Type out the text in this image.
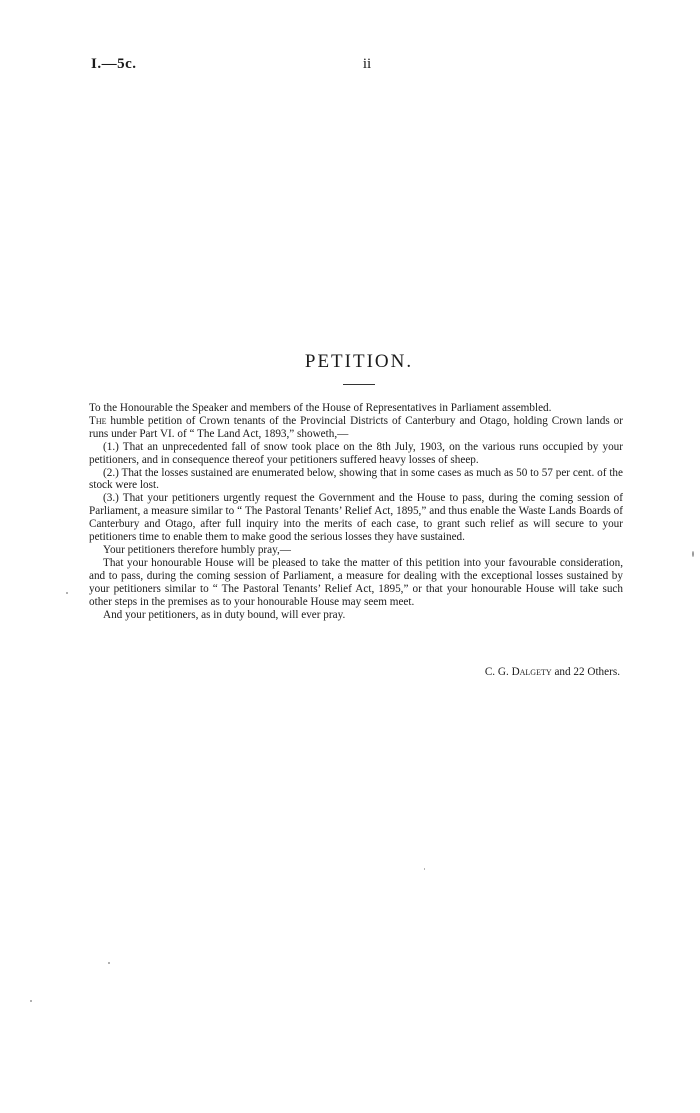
I.—5c.	ii
PETITION.

To the Honourable the Speaker and members of the House of Representatives in Parliament assembled.

The humble petition of Crown tenants of the Provincial Districts of Canterbury and Otago, holding Crown lands or runs under Part VI. of “ The Land Act, 1893,” showeth,—

(1.) That an unprecedented fall of snow took place on the 8th July, 1903, on the various runs occupied by your petitioners, and in consequence thereof your petitioners suffered heavy losses of sheep.

(2.) That the losses sustained are enumerated below, showing that in some cases as much as 50 to 57 per cent. of the stock were lost.

(3.) That your petitioners urgently request the Government and the House to pass, during the coming session of Parliament, a measure similar to “ The Pastoral Tenants’ Relief Act, 1895,” and thus enable the Waste Lands Boards of Canterbury and Otago, after full inquiry into the merits of each case, to grant such relief as will secure to your petitioners time to enable them to make good the serious losses they have sustained.

Your petitioners therefore humbly pray,—

That your honourable House will be pleased to take the matter of this petition into your favourable consideration, and to pass, during the coming session of Parliament, a measure for dealing with the exceptional losses sustained by your petitioners similar to “ The Pastoral Tenants’ Relief Act, 1895,” or that your honourable House will take such other steps in the premises as to your honourable House may seem meet.

And your petitioners, as in duty bound, will ever pray.

C. G. Dalgety and 22 Others.
